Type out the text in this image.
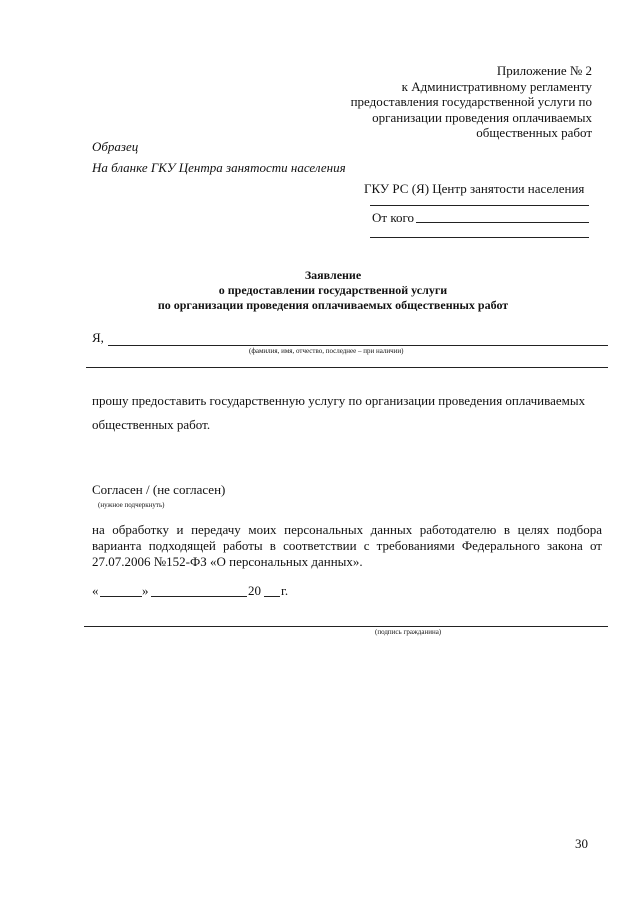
Приложение № 2
к Административному регламенту
предоставления государственной услуги по
организации проведения оплачиваемых
общественных работ
Образец
На бланке ГКУ Центра занятости населения
ГКУ РС (Я) Центр занятости населения
От кого
Заявление
о предоставлении государственной услуги
по организации проведения оплачиваемых общественных работ
Я,
(фамилия, имя, отчество, последнее – при наличии)
прошу предоставить государственную услугу по организации проведения оплачиваемых
общественных работ.
Согласен / (не согласен)
(нужное подчеркнуть)
на обработку и передачу моих персональных данных работодателю в целях подбора варианта подходящей работы в соответствии с требованиями Федерального закона от 27.07.2006 №152-ФЗ «О персональных данных».
«	»	20 г.
(подпись гражданина)
30
